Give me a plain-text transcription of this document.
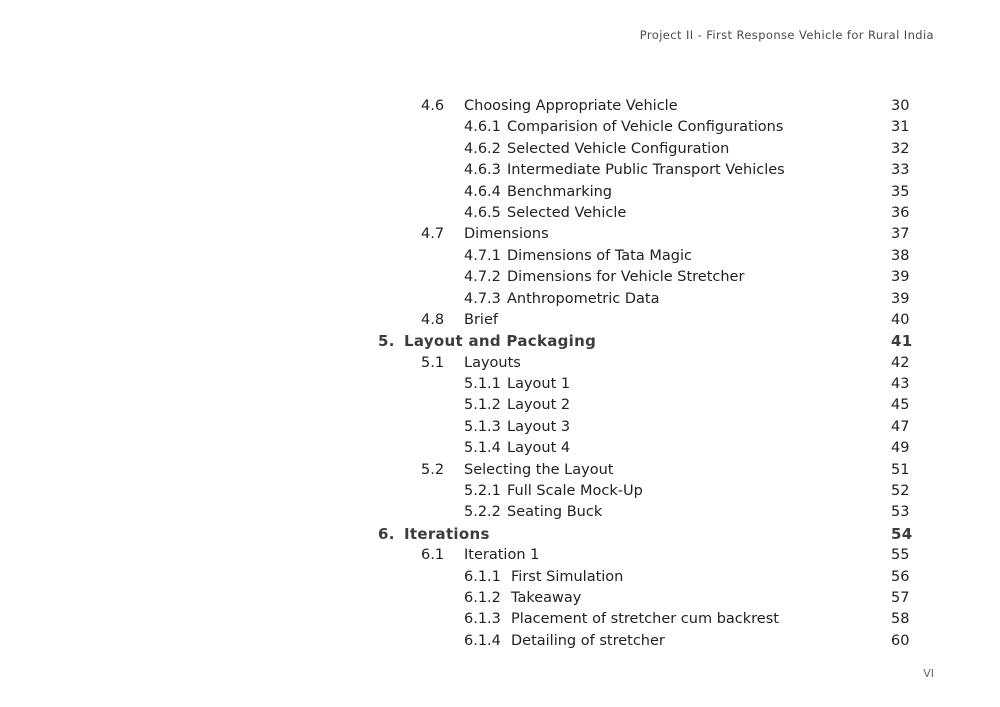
Project II - First Response Vehicle for Rural India
4.6 Choosing Appropriate Vehicle	30
4.6.1 Comparision of Vehicle Configurations	31
4.6.2 Selected Vehicle Configuration	32
4.6.3 Intermediate Public Transport Vehicles	33
4.6.4 Benchmarking	35
4.6.5 Selected Vehicle	36
4.7 Dimensions	37
4.7.1 Dimensions of Tata Magic	38
4.7.2 Dimensions for Vehicle Stretcher	39
4.7.3 Anthropometric Data	39
4.8 Brief	40
5. Layout and Packaging	41
5.1 Layouts	42
5.1.1 Layout 1	43
5.1.2 Layout 2	45
5.1.3 Layout 3	47
5.1.4 Layout 4	49
5.2 Selecting the Layout	51
5.2.1 Full Scale Mock-Up	52
5.2.2 Seating Buck	53
6. Iterations	54
6.1 Iteration 1	55
6.1.1 First Simulation	56
6.1.2 Takeaway	57
6.1.3 Placement of stretcher cum backrest	58
6.1.4 Detailing of stretcher	60
VI
